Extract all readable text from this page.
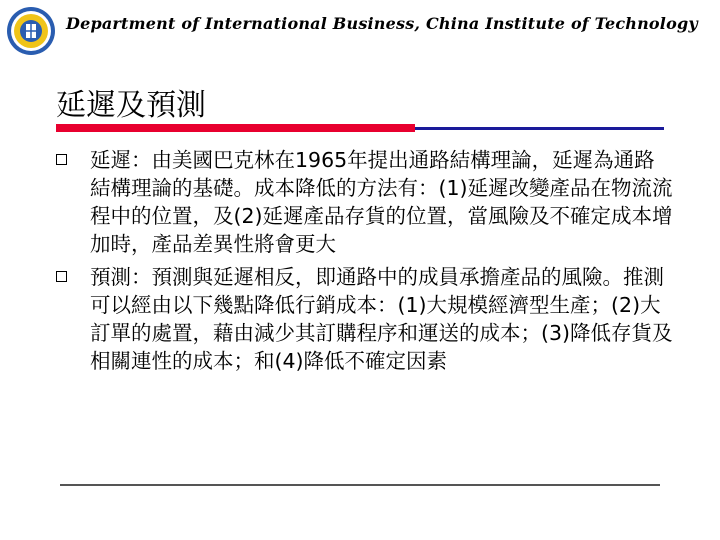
Department of International Business, China Institute of Technology
延遲及預測
延遲：由美國巴克林在1965年提出通路結構理論，延遲為通路結構理論的基礎。成本降低的方法有：(1)延遲改變產品在物流流程中的位置，及(2)延遲產品存貨的位置，當風險及不確定成本增加時，產品差異性將會更大
預測：預測與延遲相反，即通路中的成員承擔產品的風險。推測可以經由以下幾點降低行銷成本：(1)大規模經濟型生產；(2)大訂單的處置，藉由減少其訂購程序和運送的成本；(3)降低存貨及相關連性的成本；和(4)降低不確定因素
